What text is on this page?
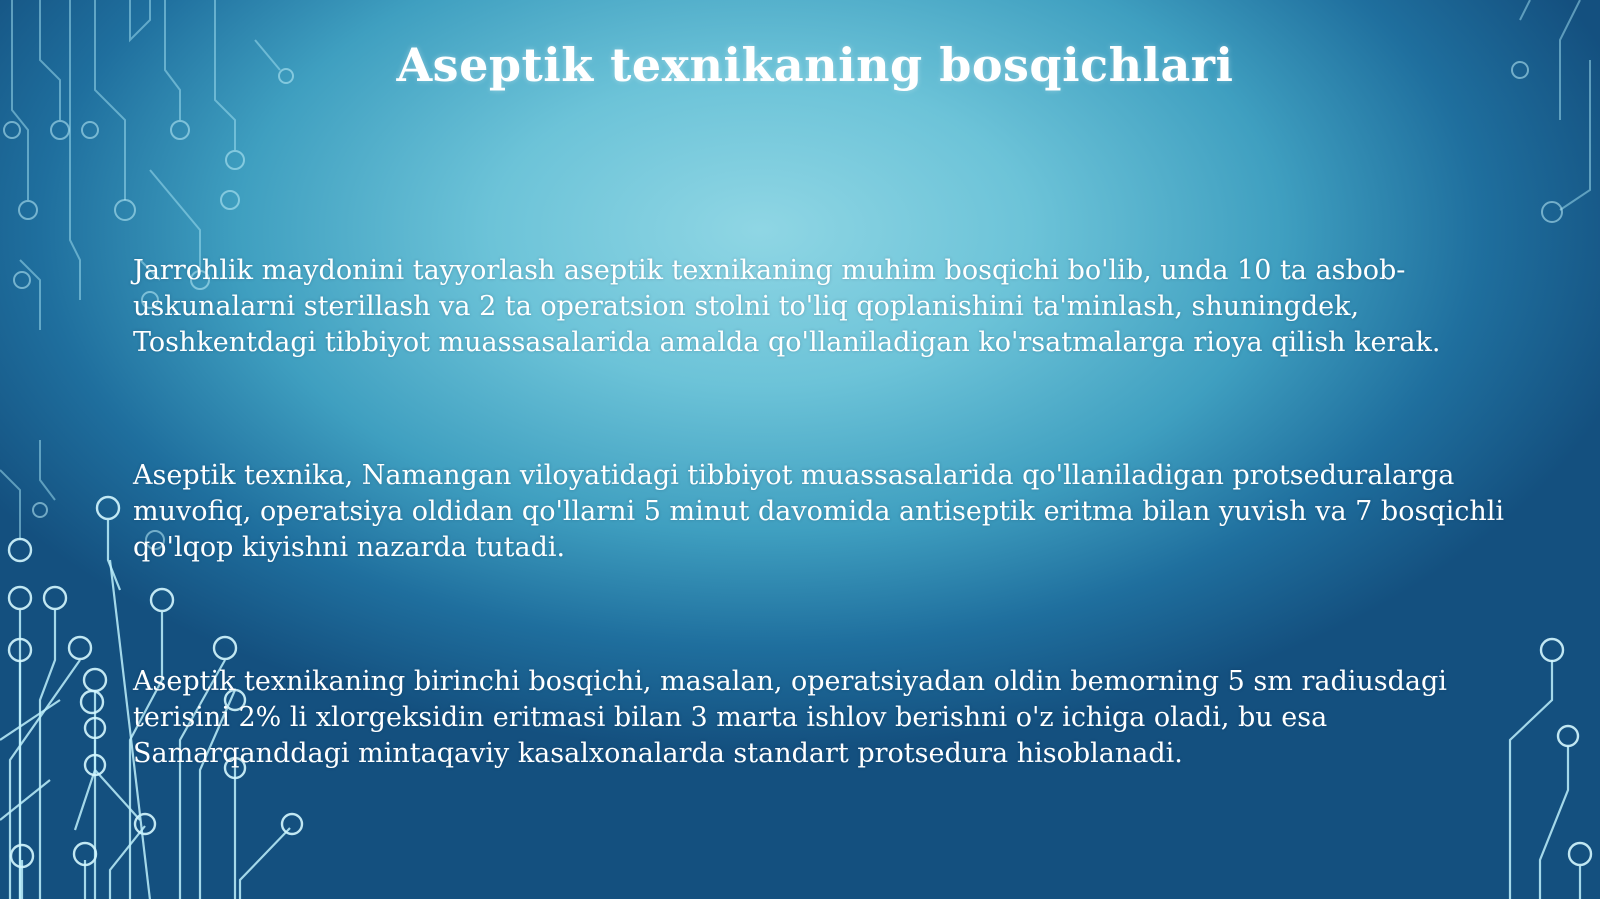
Aseptik texnikaning bosqichlari

Jarrohlik maydonini tayyorlash aseptik texnikaning muhim bosqichi bo'lib, unda 10 ta asbob-uskunalarni sterillash va 2 ta operatsion stolni to'liq qoplanishini ta'minlash, shuningdek, Toshkentdagi tibbiyot muassasalarida amalda qo'llaniladigan ko'rsatmalarga rioya qilish kerak.

Aseptik texnika, Namangan viloyatidagi tibbiyot muassasalarida qo'llaniladigan protseduralarga muvofiq, operatsiya oldidan qo'llarni 5 minut davomida antiseptik eritma bilan yuvish va 7 bosqichli qo'lqop kiyishni nazarda tutadi.

Aseptik texnikaning birinchi bosqichi, masalan, operatsiyadan oldin bemorning 5 sm radiusdagi terisini 2% li xlorgeksidin eritmasi bilan 3 marta ishlov berishni o'z ichiga oladi, bu esa Samarqanddagi mintaqaviy kasalxonalarda standart protsedura hisoblanadi.
